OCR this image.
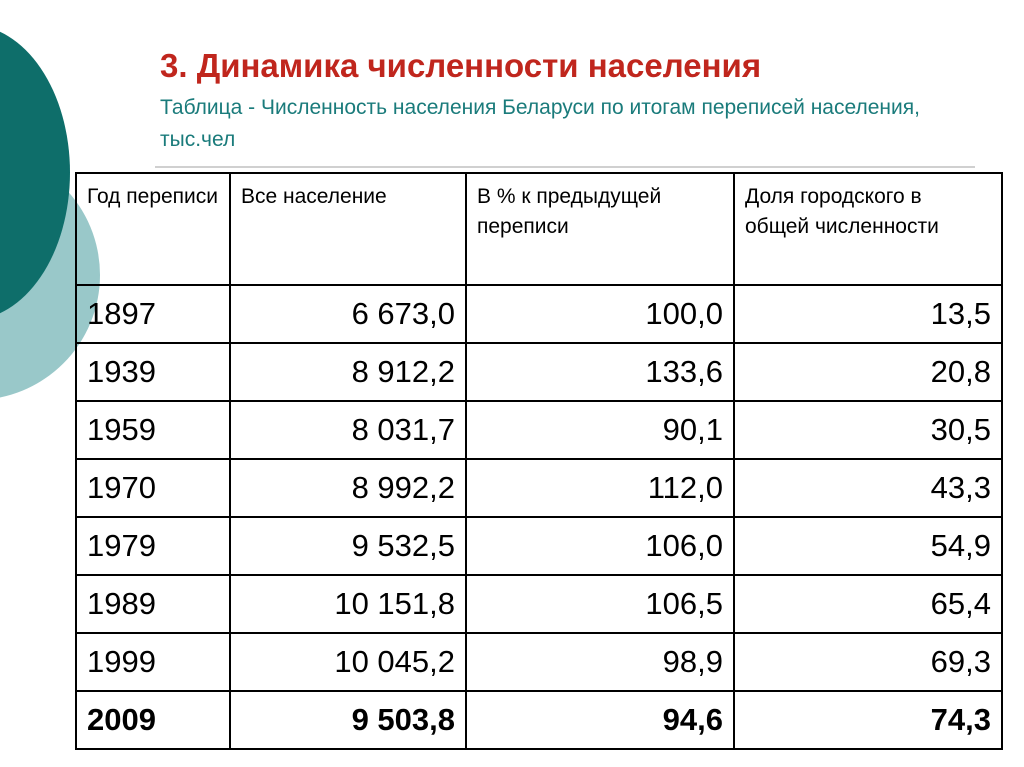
3. Динамика численности населения
Таблица - Численность населения Беларуси по итогам переписей населения, тыс.чел
Год переписи	Все население	В % к предыдущей переписи	Доля городского в общей численности
1897	6 673,0	100,0	13,5
1939	8 912,2	133,6	20,8
1959	8 031,7	90,1	30,5
1970	8 992,2	112,0	43,3
1979	9 532,5	106,0	54,9
1989	10 151,8	106,5	65,4
1999	10 045,2	98,9	69,3
2009	9 503,8	94,6	74,3
